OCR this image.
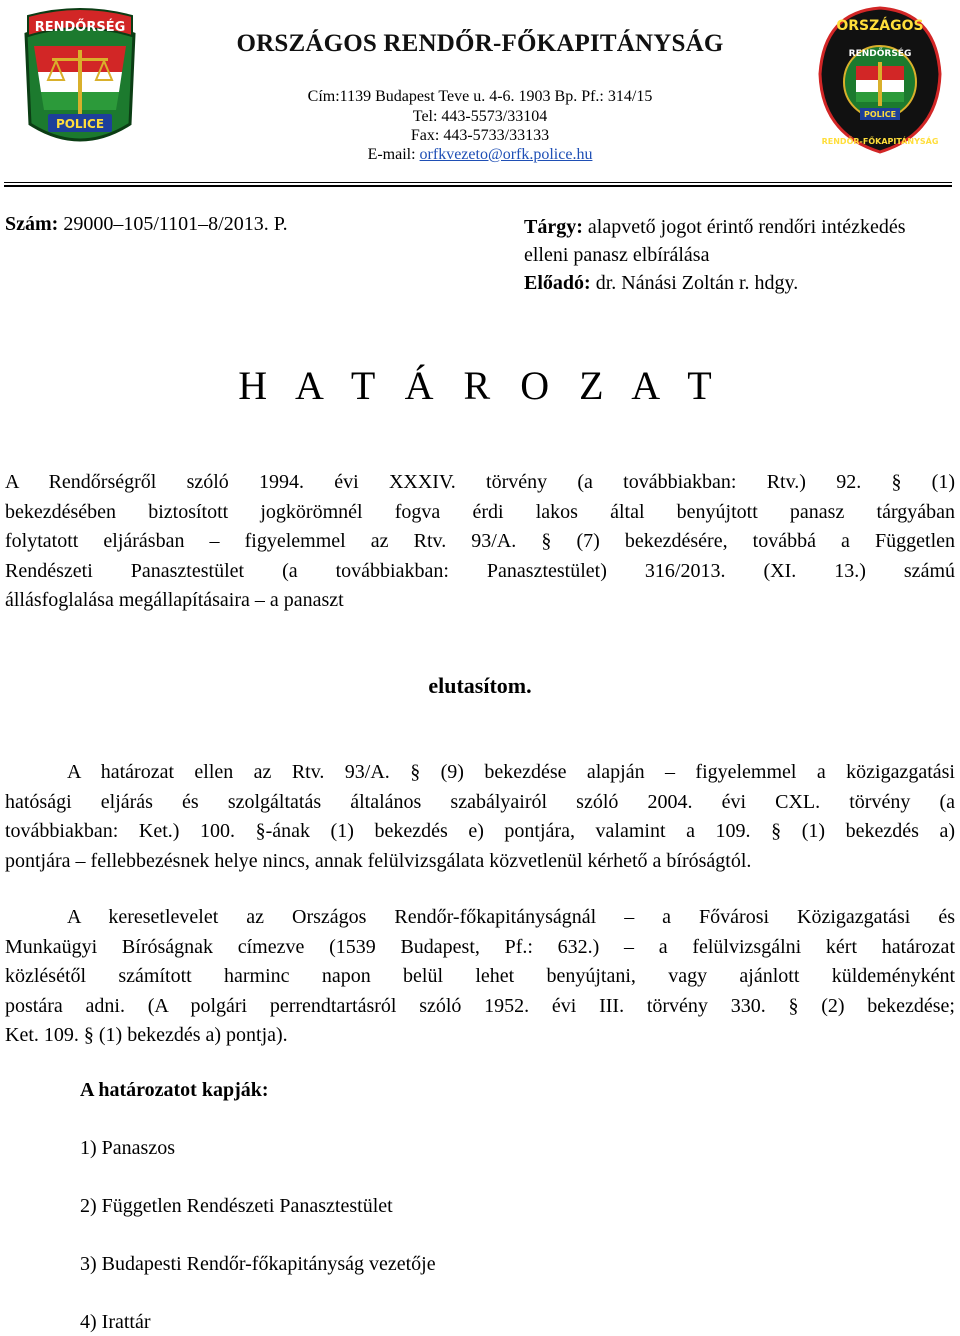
RENDŐRSÉG
POLICE
ORSZÁGOS RENDŐR-FŐKAPITÁNYSÁG
Cím:1139 Budapest Teve u. 4-6. 1903 Bp. Pf.: 314/15
Tel: 443-5573/33104
Fax: 443-5733/33133
E-mail: orfkvezeto@orfk.police.hu
ORSZÁGOS
RENDŐRSÉG
POLICE
RENDŐR-FŐKAPITÁNYSÁG
Szám: 29000–105/1101–8/2013. P.	Tárgy: alapvető jogot érintő rendőri intézkedés
elleni panasz elbírálása
Előadó: dr. Nánási Zoltán r. hdgy.
H A T Á R O Z A T
A Rendőrségről szóló 1994. évi XXXIV. törvény (a továbbiakban: Rtv.) 92. § (1)
bekezdésében biztosított jogkörömnél fogva érdi lakos által benyújtott panasz tárgyában
folytatott eljárásban – figyelemmel az Rtv. 93/A. § (7) bekezdésére, továbbá a Független
Rendészeti Panasztestület (a továbbiakban: Panasztestület) 316/2013. (XI. 13.) számú
állásfoglalása megállapításaira – a panaszt
elutasítom.
A határozat ellen az Rtv. 93/A. § (9) bekezdése alapján – figyelemmel a közigazgatási
hatósági eljárás és szolgáltatás általános szabályairól szóló 2004. évi CXL. törvény (a
továbbiakban: Ket.) 100. §-ának (1) bekezdés e) pontjára, valamint a 109. § (1) bekezdés a)
pontjára – fellebbezésnek helye nincs, annak felülvizsgálata közvetlenül kérhető a bíróságtól.
A keresetlevelet az Országos Rendőr-főkapitányságnál – a Fővárosi Közigazgatási és
Munkaügyi Bíróságnak címezve (1539 Budapest, Pf.: 632.) – a felülvizsgálni kért határozat
közlésétől számított harminc napon belül lehet benyújtani, vagy ajánlott küldeményként
postára adni. (A polgári perrendtartásról szóló 1952. évi III. törvény 330. § (2) bekezdése;
Ket. 109. § (1) bekezdés a) pontja).
A határozatot kapják:
1) Panaszos
2) Független Rendészeti Panasztestület
3) Budapesti Rendőr-főkapitányság vezetője
4) Irattár
